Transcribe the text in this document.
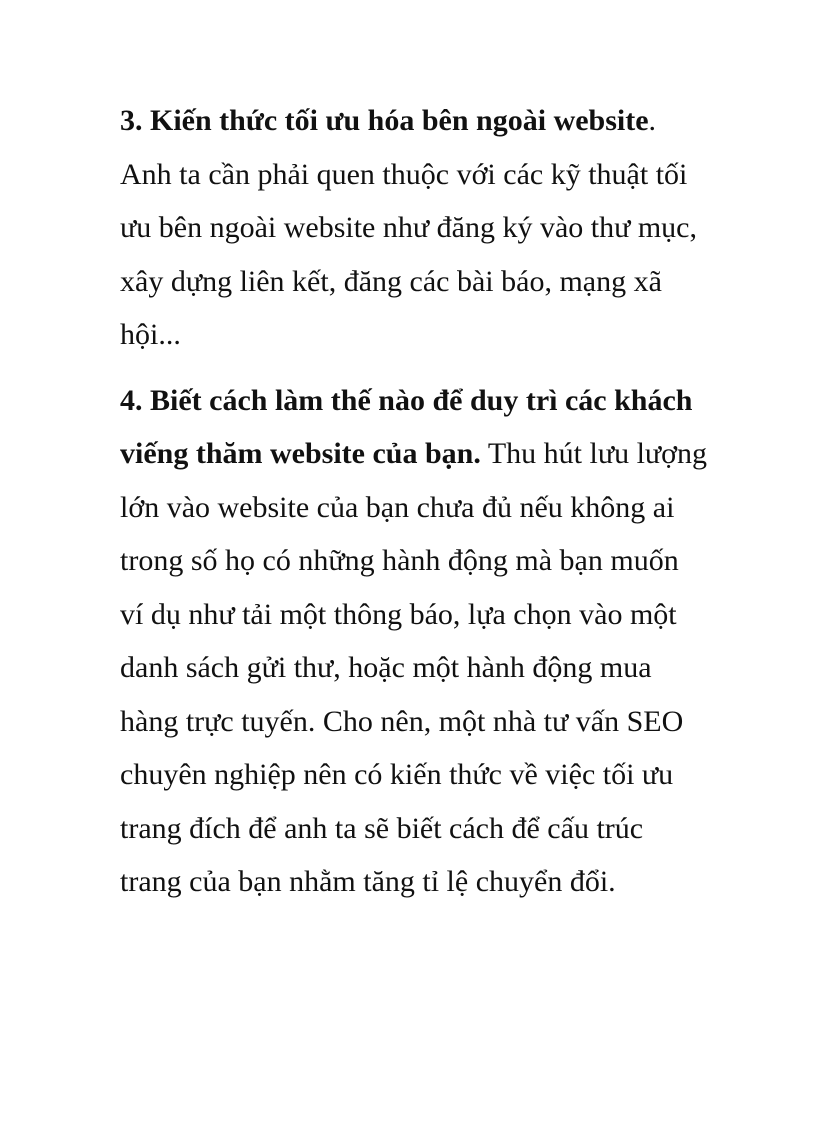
3. Kiến thức tối ưu hóa bên ngoài website.
Anh ta cần phải quen thuộc với các kỹ thuật tối
ưu bên ngoài website như đăng ký vào thư mục,
xây dựng liên kết, đăng các bài báo, mạng xã
hội...

4. Biết cách làm thế nào để duy trì các khách
viếng thăm website của bạn. Thu hút lưu lượng
lớn vào website của bạn chưa đủ nếu không ai
trong số họ có những hành động mà bạn muốn
ví dụ như tải một thông báo, lựa chọn vào một
danh sách gửi thư, hoặc một hành động mua
hàng trực tuyến. Cho nên, một nhà tư vấn SEO
chuyên nghiệp nên có kiến thức về việc tối ưu
trang đích để anh ta sẽ biết cách để cấu trúc
trang của bạn nhằm tăng tỉ lệ chuyển đổi.
